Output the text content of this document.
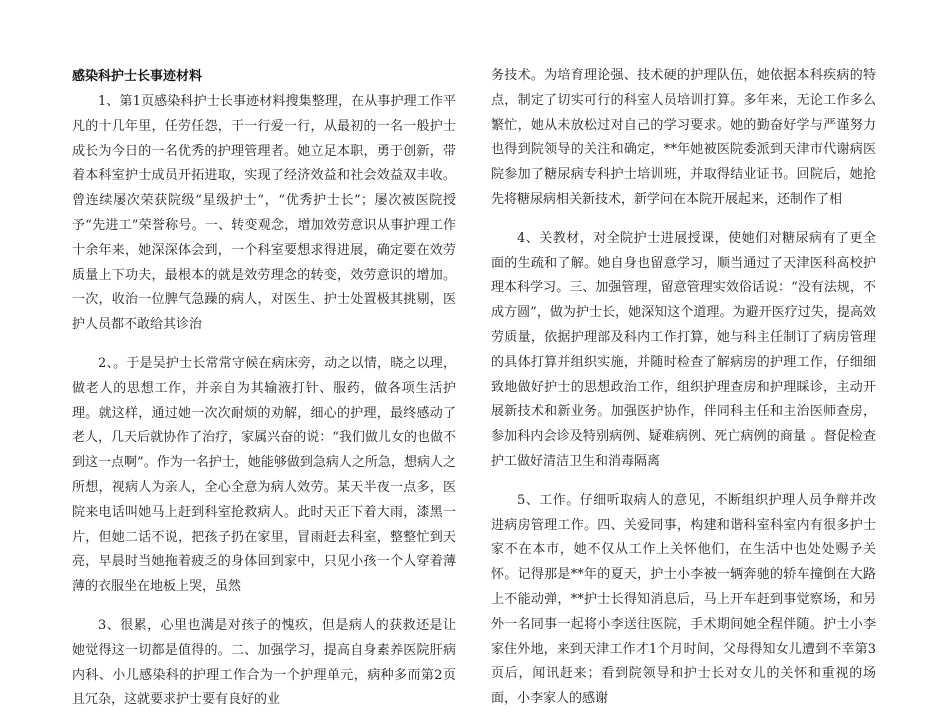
感染科护士长事迹材料

1、第1页感染科护士长事迹材料搜集整理，在从事护理工作平凡的十几年里，任劳任怨，干一行爱一行，从最初的一名一般护士成长为今日的一名优秀的护理管理者。她立足本职，勇于创新，带着本科室护士成员开拓进取，实现了经济效益和社会效益双丰收。曾连续屡次荣获院级“星级护士”，“优秀护士长”；屡次被医院授予“先进工”荣誉称号。一、转变观念，增加效劳意识从事护理工作十余年来，她深深体会到，一个科室要想求得进展，确定要在效劳质量上下功夫，最根本的就是效劳理念的转变，效劳意识的增加。一次，收治一位脾气急躁的病人，对医生、护士处置极其挑剔，医护人员都不敢给其诊治

2、。于是吴护士长常常守候在病床旁，动之以情，晓之以理，做老人的思想工作，并亲自为其输液打针、服药，做各项生活护理。就这样，通过她一次次耐烦的劝解，细心的护理，最终感动了老人，几天后就协作了治疗，家属兴奋的说：“我们做儿女的也做不到这一点啊”。作为一名护士，她能够做到急病人之所急，想病人之所想，视病人为亲人，全心全意为病人效劳。某天半夜一点多，医院来电话叫她马上赶到科室抢救病人。此时天正下着大雨，漆黑一片，但她二话不说，把孩子扔在家里，冒雨赶去科室，整整忙到天亮，早晨时当她拖着疲乏的身体回到家中，只见小孩一个人穿着薄薄的衣服坐在地板上哭，虽然

3、很累，心里也满是对孩子的愧疚，但是病人的获救还是让她觉得这一切都是值得的。二、加强学习，提高自身素养医院肝病内科、小儿感染科的护理工作合为一个护理单元，病种多而第2页且冗杂，这就要求护士要有良好的业

务技术。为培育理论强、技术硬的护理队伍，她依据本科疾病的特点，制定了切实可行的科室人员培训打算。多年来，无论工作多么繁忙，她从未放松过对自己的学习要求。她的勤奋好学与严谨努力也得到院领导的关注和确定，**年她被医院委派到天津市代谢病医院参加了糖尿病专科护士培训班，并取得结业证书。回院后，她抢先将糖尿病相关新技术，新学问在本院开展起来，还制作了相

4、关教材，对全院护士进展授课，使她们对糖尿病有了更全面的生疏和了解。她自身也留意学习，顺当通过了天津医科高校护理本科学习。三、加强管理，留意管理实效俗话说：“没有法规，不成方圆”，做为护士长，她深知这个道理。为避开医疗过失，提高效劳质量，依据护理部及科内工作打算，她与科主任制订了病房管理的具体打算并组织实施，并随时检查了解病房的护理工作，仔细细致地做好护士的思想政治工作，组织护理查房和护理睬诊，主动开展新技术和新业务。加强医护协作，伴同科主任和主治医师查房，参加科内会诊及特别病例、疑难病例、死亡病例的商量 。督促检查护工做好清洁卫生和消毒隔离

5、工作。仔细听取病人的意见，不断组织护理人员争辩并改进病房管理工作。四、关爱同事，构建和谐科室科室内有很多护士家不在本市，她不仅从工作上关怀他们，在生活中也处处赐予关怀。记得那是**年的夏天，护士小李被一辆奔驰的轿车撞倒在大路上不能动弹，**护士长得知消息后，马上开车赶到事觉察场，和另外一名同事一起将小李送往医院，手术期间她全程伴随。护士小李家住外地，来到天津工作才1个月时间，父母得知女儿遭到不幸第3页后，闻讯赶来；看到院领导和护士长对女儿的关怀和重视的场面，小李家人的感谢
